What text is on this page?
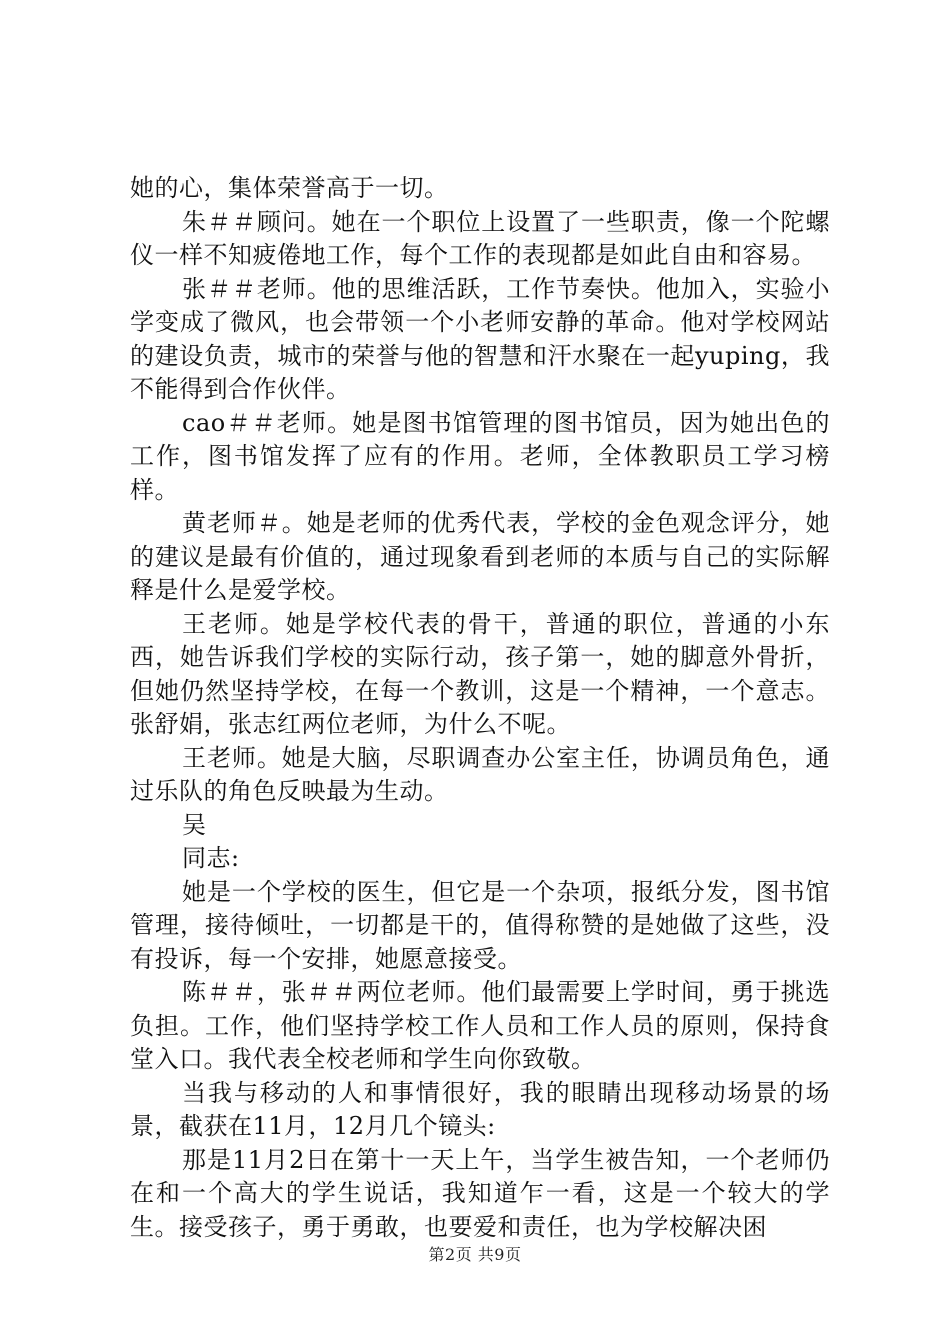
她的心，集体荣誉高于一切。

朱＃＃顾问。她在一个职位上设置了一些职责，像一个陀螺仪一样不知疲倦地工作，每个工作的表现都是如此自由和容易。

张＃＃老师。他的思维活跃，工作节奏快。他加入，实验小学变成了微风，也会带领一个小老师安静的革命。他对学校网站的建设负责，城市的荣誉与他的智慧和汗水聚在一起yuping，我不能得到合作伙伴。

cao＃＃老师。她是图书馆管理的图书馆员，因为她出色的工作，图书馆发挥了应有的作用。老师，全体教职员工学习榜样。

黄老师＃。她是老师的优秀代表，学校的金色观念评分，她的建议是最有价值的，通过现象看到老师的本质与自己的实际解释是什么是爱学校。

王老师。她是学校代表的骨干，普通的职位，普通的小东西，她告诉我们学校的实际行动，孩子第一，她的脚意外骨折，但她仍然坚持学校，在每一个教训，这是一个精神，一个意志。张舒娟，张志红两位老师，为什么不呢。

王老师。她是大脑，尽职调查办公室主任，协调员角色，通过乐队的角色反映最为生动。

吴

同志:

她是一个学校的医生，但它是一个杂项，报纸分发，图书馆管理，接待倾吐，一切都是干的，值得称赞的是她做了这些，没有投诉，每一个安排，她愿意接受。

陈＃＃，张＃＃两位老师。他们最需要上学时间，勇于挑选负担。工作，他们坚持学校工作人员和工作人员的原则，保持食堂入口。我代表全校老师和学生向你致敬。

当我与移动的人和事情很好，我的眼睛出现移动场景的场景，截获在11月，12月几个镜头:

那是11月2日在第十一天上午，当学生被告知，一个老师仍在和一个高大的学生说话，我知道乍一看，这是一个较大的学生。接受孩子，勇于勇敢，也要爱和责任，也为学校解决困

第2页 共9页
